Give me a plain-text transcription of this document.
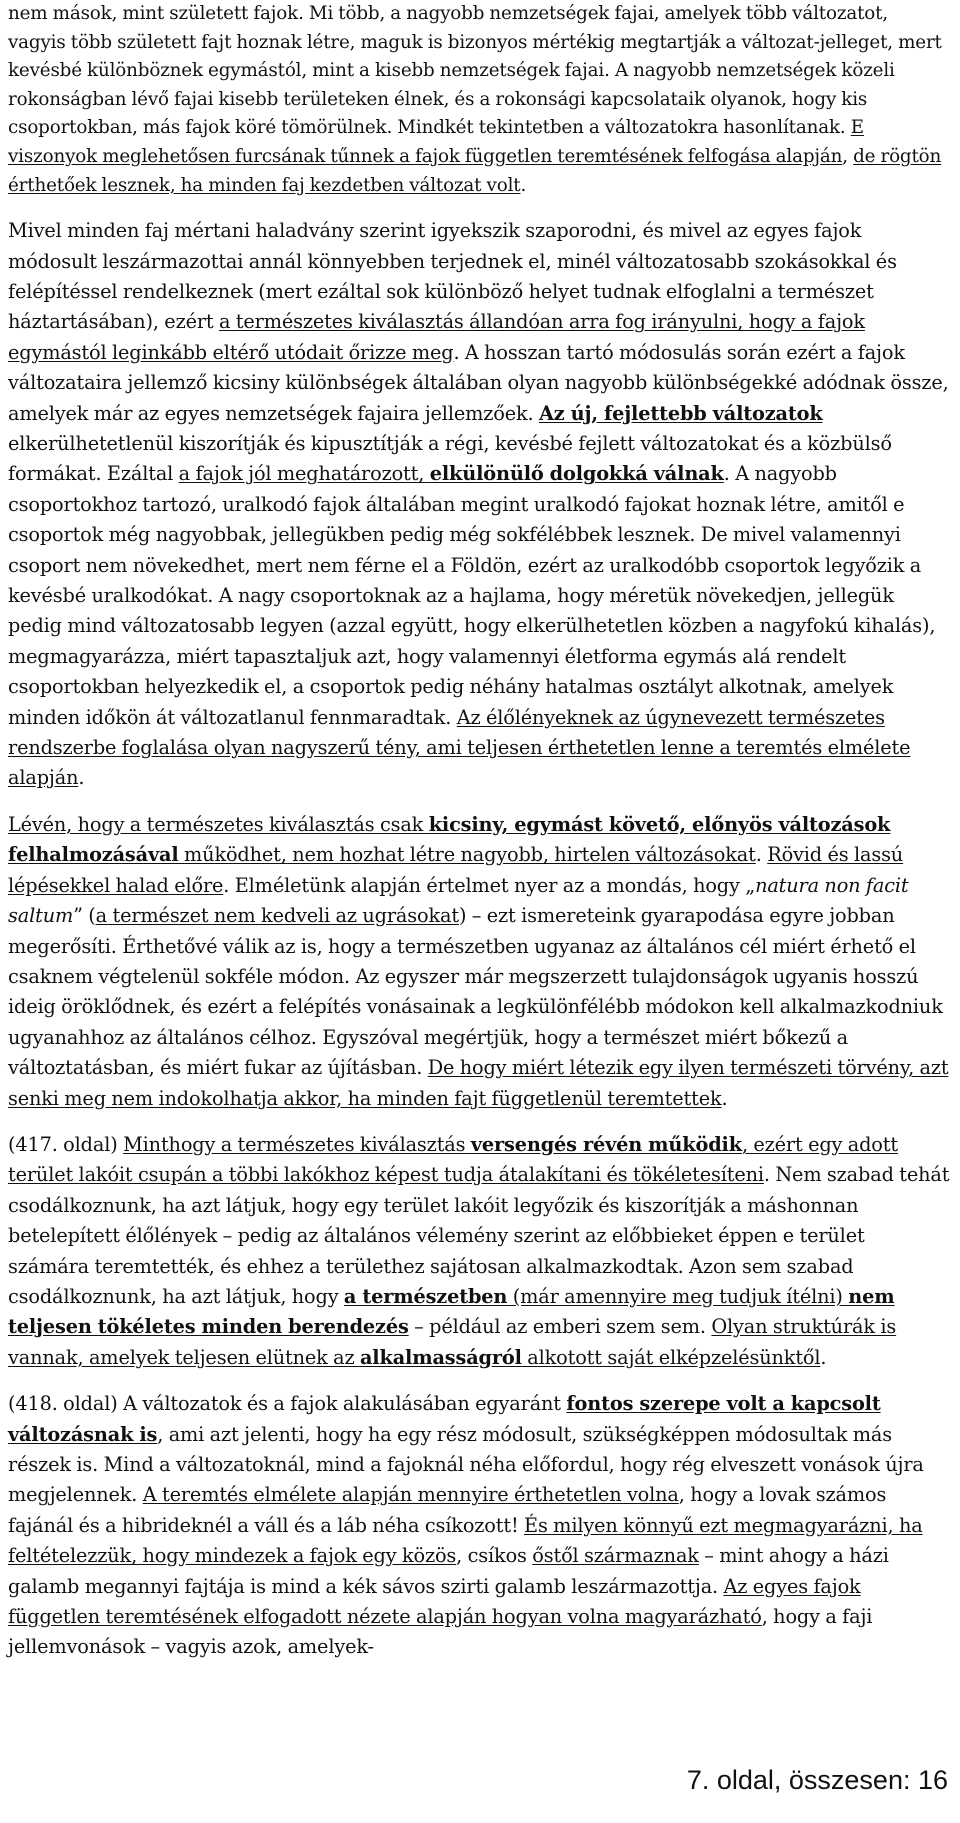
nem mások, mint született fajok. Mi több, a nagyobb nemzetségek fajai, amelyek több változatot, vagyis több született fajt hoznak létre, maguk is bizonyos mértékig megtartják a változat-jelleget, mert kevésbé különböznek egymástól, mint a kisebb nemzetségek fajai. A nagyobb nemzetségek közeli rokonságban lévő fajai kisebb területeken élnek, és a rokonsági kapcsolataik olyanok, hogy kis csoportokban, más fajok köré tömörülnek. Mindkét tekintetben a változatokra hasonlítanak. E viszonyok meglehetősen furcsának tűnnek a fajok független teremtésének felfogása alapján, de rögtön érthetőek lesznek, ha minden faj kezdetben változat volt.

Mivel minden faj mértani haladvány szerint igyekszik szaporodni, és mivel az egyes fajok módosult leszármazottai annál könnyebben terjednek el, minél változatosabb szokásokkal és felépítéssel rendelkeznek (mert ezáltal sok különböző helyet tudnak elfoglalni a természet háztartásában), ezért a természetes kiválasztás állandóan arra fog irányulni, hogy a fajok egymástól leginkább eltérő utódait őrizze meg. A hosszan tartó módosulás során ezért a fajok változataira jellemző kicsiny különbségek általában olyan nagyobb különbségekké adódnak össze, amelyek már az egyes nemzetségek fajaira jellemzőek. Az új, fejlettebb változatok elkerülhetetlenül kiszorítják és kipusztítják a régi, kevésbé fejlett változatokat és a közbülső formákat. Ezáltal a fajok jól meghatározott, elkülönülő dolgokká válnak. A nagyobb csoportokhoz tartozó, uralkodó fajok általában megint uralkodó fajokat hoznak létre, amitől e csoportok még nagyobbak, jellegükben pedig még sokfélébbek lesznek. De mivel valamennyi csoport nem növekedhet, mert nem férne el a Földön, ezért az uralkodóbb csoportok legyőzik a kevésbé uralkodókat. A nagy csoportoknak az a hajlama, hogy méretük növekedjen, jellegük pedig mind változatosabb legyen (azzal együtt, hogy elkerülhetetlen közben a nagyfokú kihalás), megmagyarázza, miért tapasztaljuk azt, hogy valamennyi életforma egymás alá rendelt csoportokban helyezkedik el, a csoportok pedig néhány hatalmas osztályt alkotnak, amelyek minden időkön át változatlanul fennmaradtak. Az élőlényeknek az úgynevezett természetes rendszerbe foglalása olyan nagyszerű tény, ami teljesen érthetetlen lenne a teremtés elmélete alapján.

Lévén, hogy a természetes kiválasztás csak kicsiny, egymást követő, előnyös változások felhalmozásával működhet, nem hozhat létre nagyobb, hirtelen változásokat. Rövid és lassú lépésekkel halad előre. Elméletünk alapján értelmet nyer az a mondás, hogy „natura non facit saltum” (a természet nem kedveli az ugrásokat) – ezt ismereteink gyarapodása egyre jobban megerősíti. Érthetővé válik az is, hogy a természetben ugyanaz az általános cél miért érhető el csaknem végtelenül sokféle módon. Az egyszer már megszerzett tulajdonságok ugyanis hosszú ideig öröklődnek, és ezért a felépítés vonásainak a legkülönfélébb módokon kell alkalmazkodniuk ugyanahhoz az általános célhoz. Egyszóval megértjük, hogy a természet miért bőkezű a változtatásban, és miért fukar az újításban. De hogy miért létezik egy ilyen természeti törvény, azt senki meg nem indokolhatja akkor, ha minden fajt függetlenül teremtettek.

(417. oldal) Minthogy a természetes kiválasztás versengés révén működik, ezért egy adott terület lakóit csupán a többi lakókhoz képest tudja átalakítani és tökéletesíteni. Nem szabad tehát csodálkoznunk, ha azt látjuk, hogy egy terület lakóit legyőzik és kiszorítják a máshonnan betelepített élőlények – pedig az általános vélemény szerint az előbbieket éppen e terület számára teremtették, és ehhez a területhez sajátosan alkalmazkodtak. Azon sem szabad csodálkoznunk, ha azt látjuk, hogy a természetben (már amennyire meg tudjuk ítélni) nem teljesen tökéletes minden berendezés – például az emberi szem sem. Olyan struktúrák is vannak, amelyek teljesen elütnek az alkalmasságról alkotott saját elképzelésünktől.

(418. oldal) A változatok és a fajok alakulásában egyaránt fontos szerepe volt a kapcsolt változásnak is, ami azt jelenti, hogy ha egy rész módosult, szükségképpen módosultak más részek is. Mind a változatoknál, mind a fajoknál néha előfordul, hogy rég elveszett vonások újra megjelennek. A teremtés elmélete alapján mennyire érthetetlen volna, hogy a lovak számos fajánál és a hibrideknél a váll és a láb néha csíkozott! És milyen könnyű ezt megmagyarázni, ha feltételezzük, hogy mindezek a fajok egy közös, csíkos őstől származnak – mint ahogy a házi galamb megannyi fajtája is mind a kék sávos szirti galamb leszármazottja. Az egyes fajok független teremtésének elfogadott nézete alapján hogyan volna magyarázható, hogy a faji jellemvonások – vagyis azok, amelyek-

7. oldal, összesen: 16
